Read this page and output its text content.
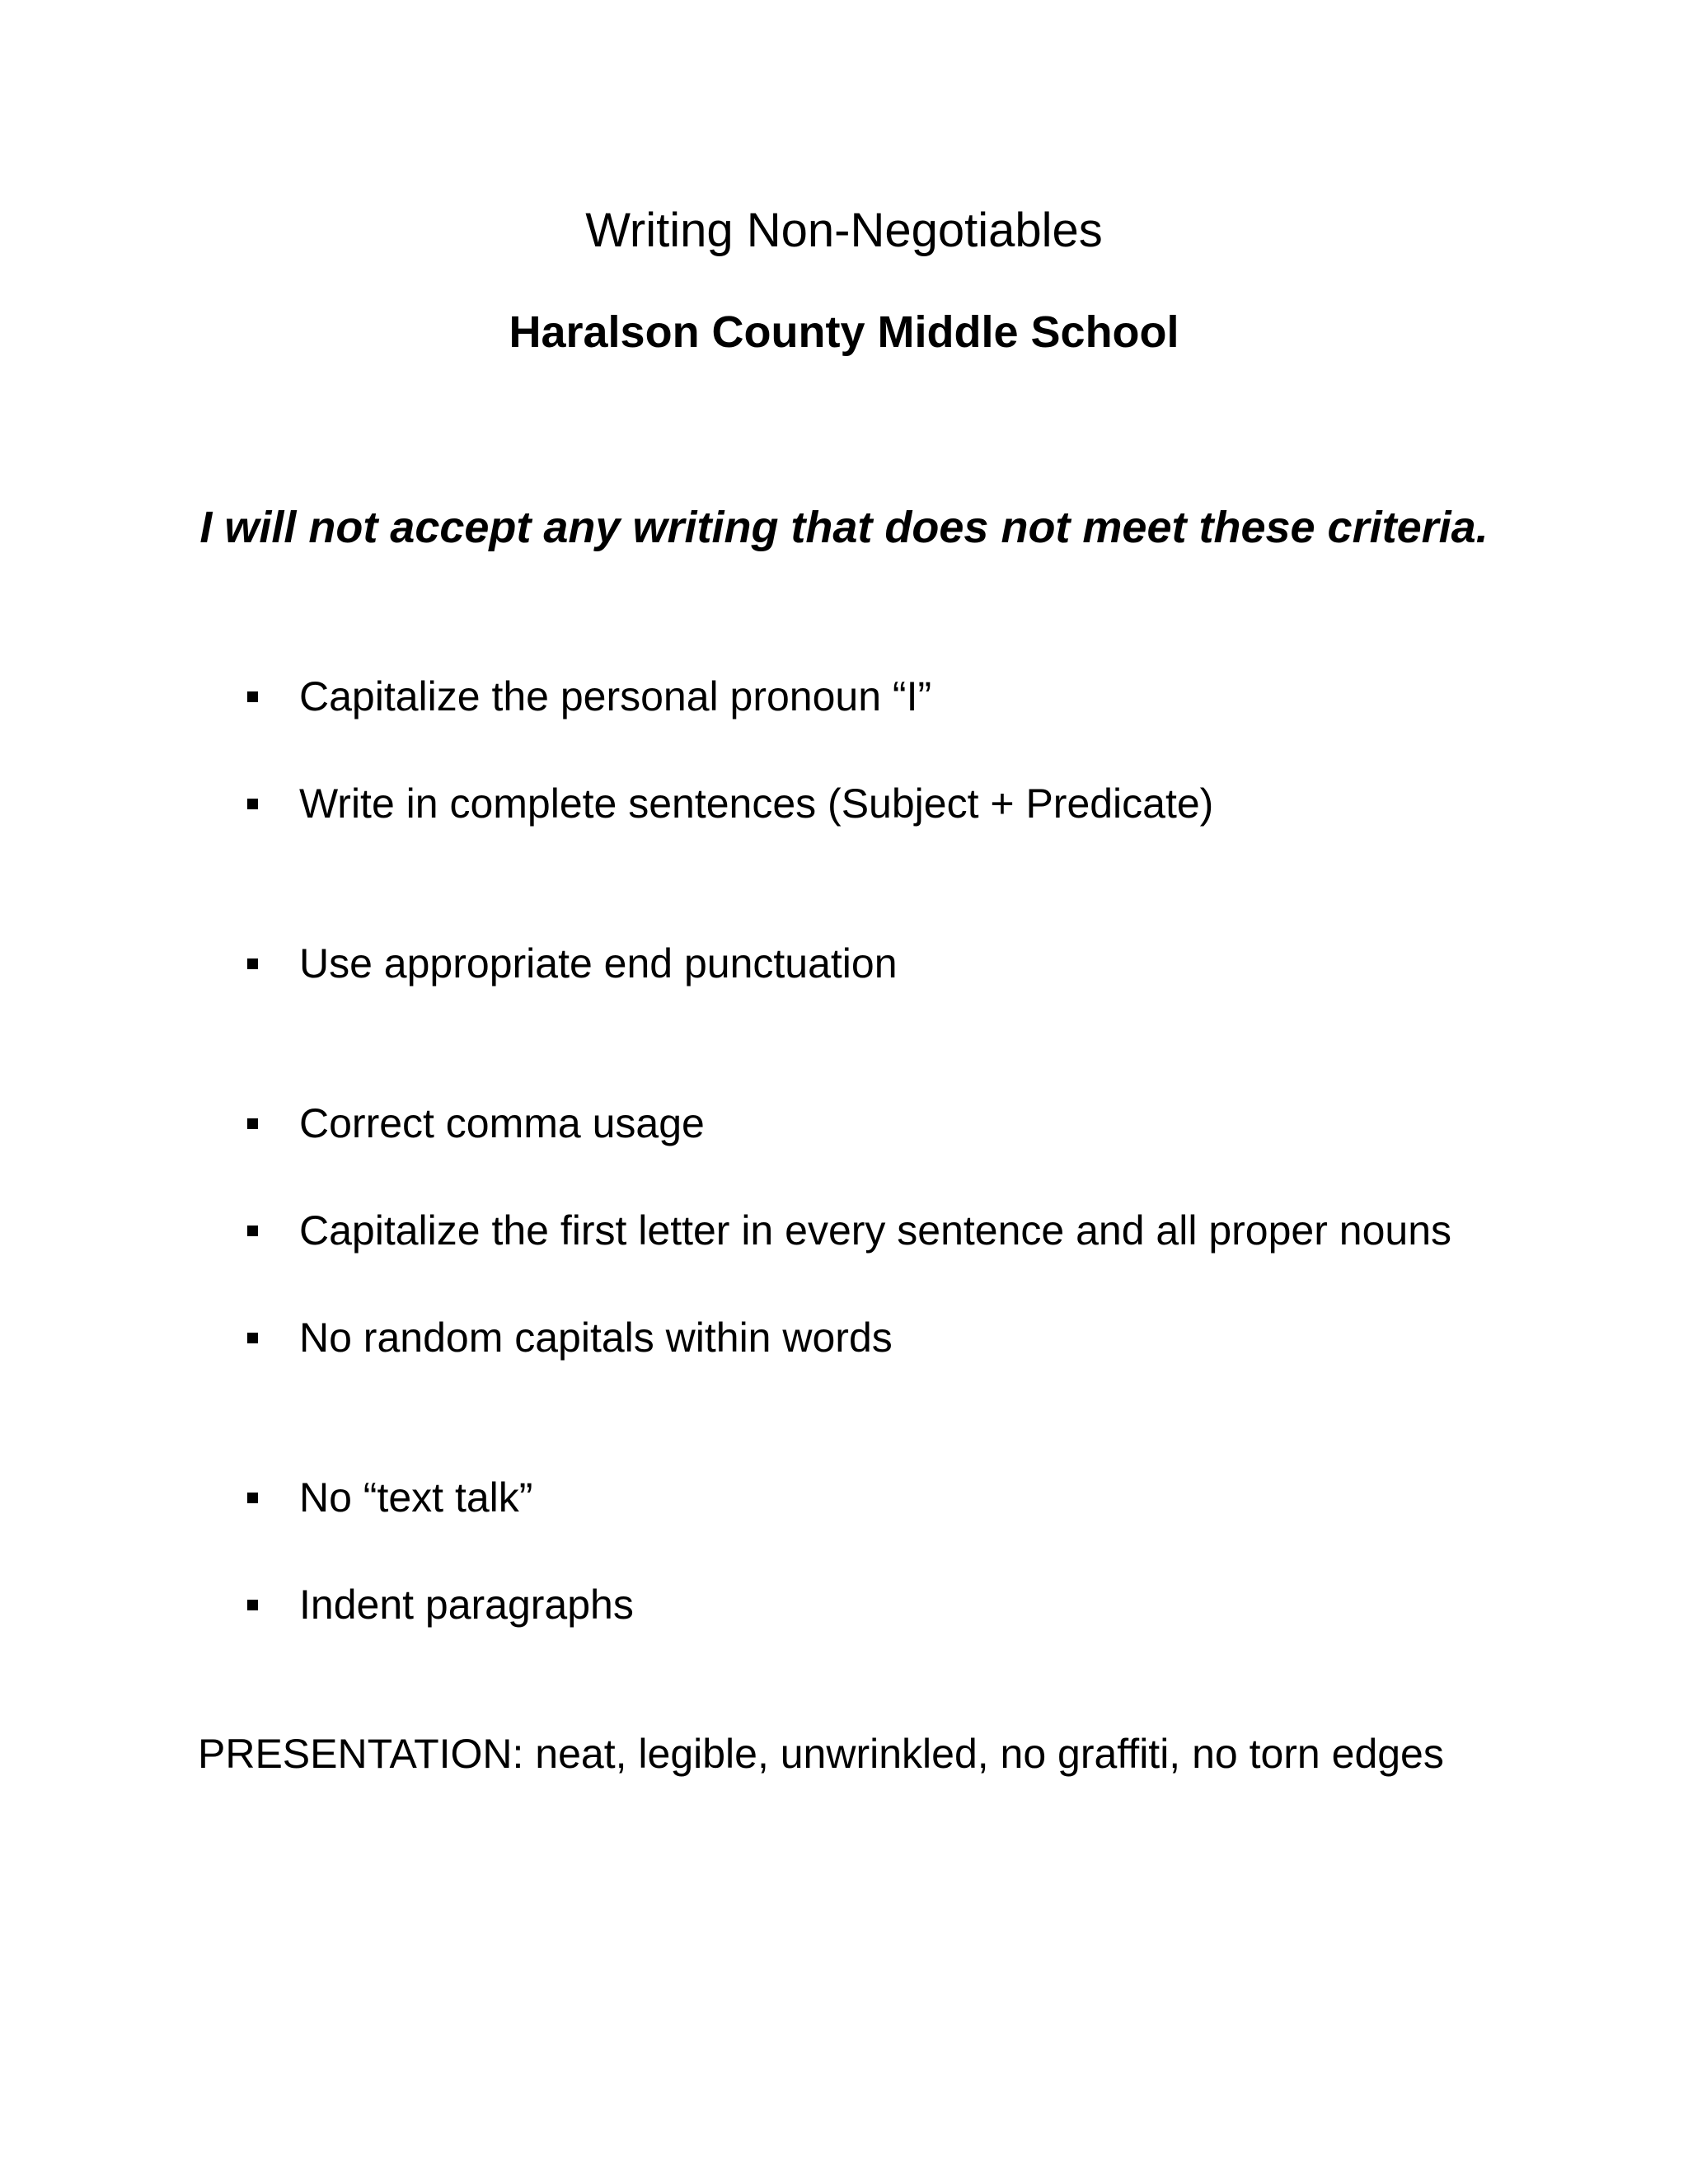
Writing Non-Negotiables
Haralson County Middle School

I will not accept any writing that does not meet these criteria.

Capitalize the personal pronoun “I”
Write in complete sentences (Subject + Predicate)
Use appropriate end punctuation
Correct comma usage
Capitalize the first letter in every sentence and all proper nouns
No random capitals within words
No “text talk”
Indent paragraphs

PRESENTATION: neat, legible, unwrinkled, no graffiti, no torn edges
